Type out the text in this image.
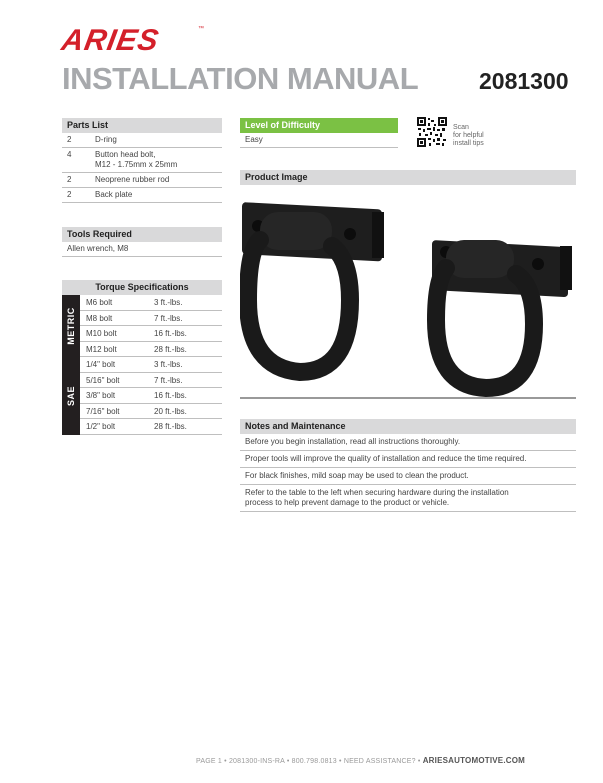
ARIES	™
INSTALLATION MANUAL	2081300
Parts List
2	D-ring
4	Button head bolt,
M12 - 1.75mm x 25mm

2	Neoprene rubber rod
2	Back plate
Tools Required
Allen wrench, M8
Torque Specifications
METRIC
M6 bolt	3 ft.-lbs.
M8 bolt	7 ft.-lbs.
M10 bolt	16 ft.-lbs.
M12 bolt	28 ft.-lbs.
SAE
1/4" bolt	3 ft.-lbs.
5/16" bolt	7 ft.-lbs.
3/8" bolt	16 ft.-lbs.
7/16" bolt	20 ft.-lbs.
1/2" bolt	28 ft.-lbs.
Level of Difficulty
Easy
Scan
for helpful
install tips
Product Image
Notes and Maintenance
Before you begin installation, read all instructions thoroughly.
Proper tools will improve the quality of installation and reduce the time required.
For black finishes, mild soap may be used to clean the product.
Refer to the table to the left when securing hardware during the installation process to help prevent damage to the product or vehicle.
PAGE 1 • 2081300-INS-RA • 800.798.0813 • NEED ASSISTANCE? • ARIESAUTOMOTIVE.COM
